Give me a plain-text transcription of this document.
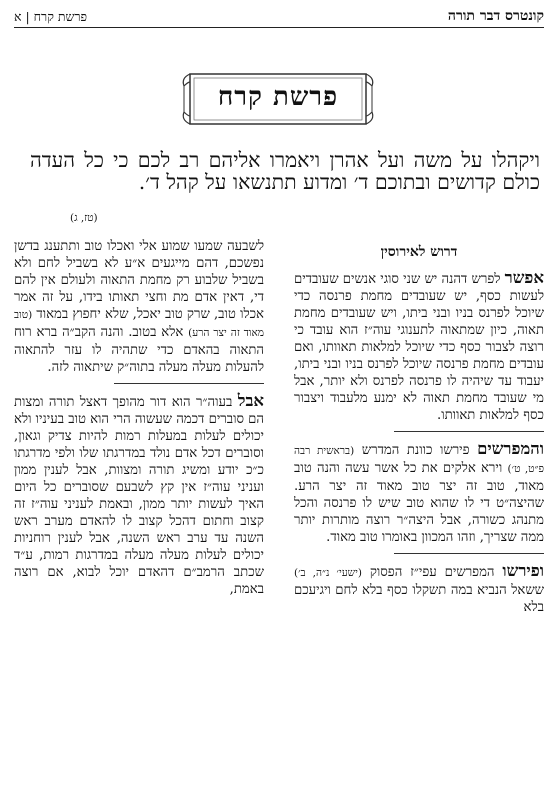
קונטרס דבר תורה
פרשת קרח | א
פרשת קרח
ויקהלו על משה ועל אהרן ויאמרו אליהם רב לכם כי כל העדה כולם קדושים ובתוכם ד׳ ומדוע תתנשאו על קהל ד׳.
(טז, ג)
דרוש לאירוסין

אפשר לפרש דהנה יש שני סוגי אנשים שעובדים לעשות כסף, יש שעובדים מחמת פרנסה כדי שיוכל לפרנס בניו ובני ביתו, ויש שעובדים מחמת תאוה, כיון שמתאוה לתענוגי עוה״ז הוא עובד כי רוצה לצבור כסף כדי שיוכל למלאות תאוותו, ואם עובדים מחמת פרנסה שיוכל לפרנס בניו ובני ביתו, יעבוד עד שיהיה לו פרנסה לפרנס ולא יותר, אבל מי שעובד מחמת תאוה לא ימנע מלעבוד ויצבור כסף למלאות תאוותו.

והמפרשים פירשו כוונת המדרש (בראשית רבה פ״ט, ט׳) וירא אלקים את כל אשר עשה והנה טוב מאוד, טוב זה יצר טוב מאוד זה יצר הרע. שהיצה״ט די לו שהוא טוב שיש לו פרנסה והכל מתנהג כשורה, אבל היצה״ר רוצה מותרות יותר ממה שצריך, וזהו המכוון באומרו טוב מאוד.

ופירשו המפרשים עפי״ז הפסוק (ישעי׳ נ״ה, ב׳) ששאל הנביא במה תשקלו כסף בלא לחם ויגיעכם בלא

לשבעה שמעו שמוע אלי ואכלו טוב ותתענג בדשן נפשכם, דהם מייגעים א״ע לא בשביל לחם ולא בשביל שלבוע רק מחמת התאוה ולעולם אין להם די, דאין אדם מת וחצי תאותו בידו, על זה אמר אכלו טוב, שרק טוב יאכל, שלא יחפוץ במאוד (טוב מאוד זה יצר הרע) אלא בטוב. והנה הקב״ה ברא רוח התאוה בהאדם כדי שתהיה לו עזר להתאוה להעלות מעלה מעלה בתוה״ק שיתאוה לזה.

אבל בעוה״ר הוא דור מהופך דאצל תורה ומצות הם סוברים דכמה שעשוה הרי הוא טוב בעיניו ולא יכולים לעלות במעלות רמות להיות צדיק וגאון, וסוברים דכל אדם נולד במדרגתו שלו ולפי מדרגתו כ״כ יודע ומשיג תורה ומצוות, אבל לענין ממון ועניני עוה״ז אין קץ לשבעם שסוברים כל היום האיך לעשות יותר ממון, ובאמת לעניני עוה״ז זה קצוב וחתום דהכל קצוב לו להאדם מערב ראש השנה עד ערב ראש השנה, אבל לענין רוחניות יכולים לעלות מעלה מעלה במדרגות רמות, ע״ד שכתב הרמב״ם דהאדם יוכל לבוא, אם רוצה באמת,
